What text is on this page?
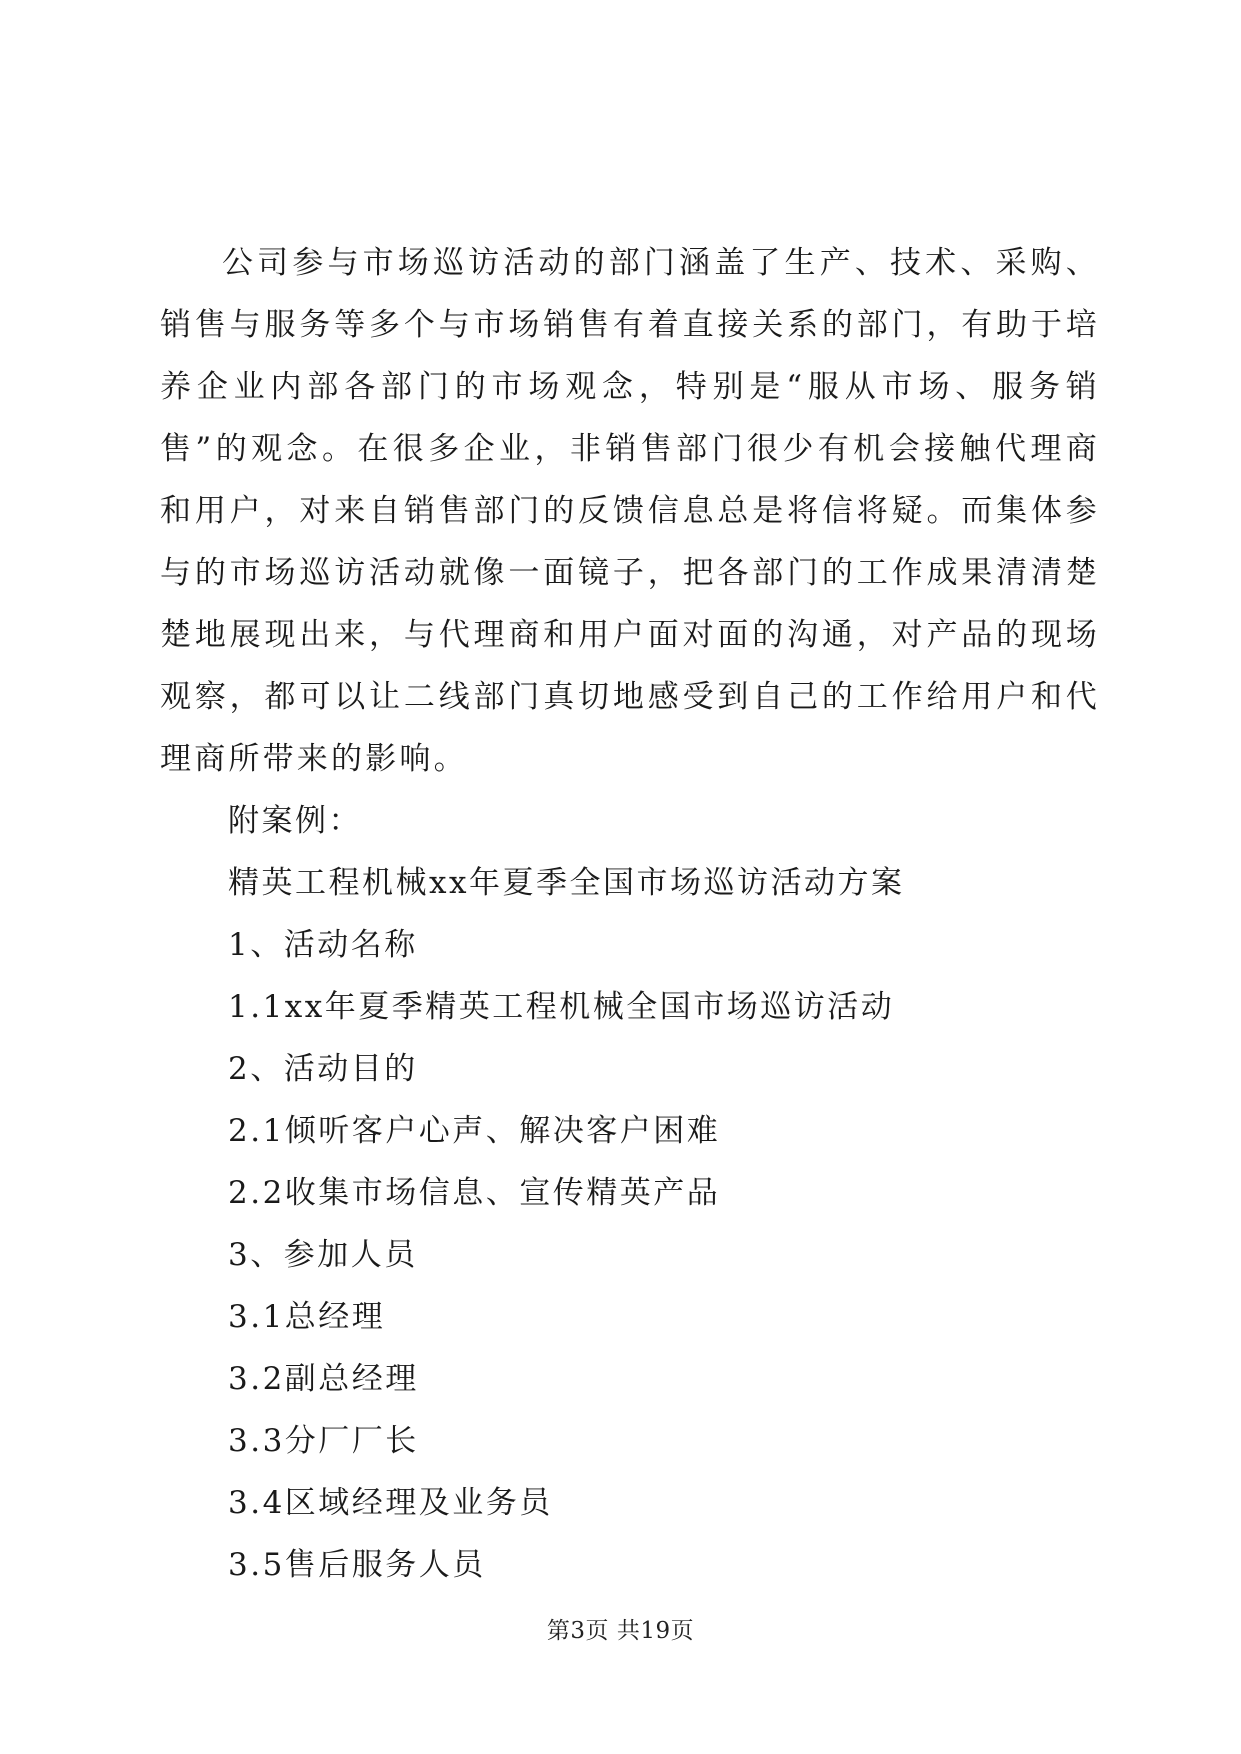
公司参与市场巡访活动的部门涵盖了生产、技术、采购、销售与服务等多个与市场销售有着直接关系的部门，有助于培养企业内部各部门的市场观念，特别是“服从市场、服务销售”的观念。在很多企业，非销售部门很少有机会接触代理商和用户，对来自销售部门的反馈信息总是将信将疑。而集体参与的市场巡访活动就像一面镜子，把各部门的工作成果清清楚楚地展现出来，与代理商和用户面对面的沟通，对产品的现场观察，都可以让二线部门真切地感受到自己的工作给用户和代理商所带来的影响。

附案例：

精英工程机械xx年夏季全国市场巡访活动方案

1、活动名称

1.1xx年夏季精英工程机械全国市场巡访活动

2、活动目的

2.1倾听客户心声、解决客户困难

2.2收集市场信息、宣传精英产品

3、参加人员

3.1总经理

3.2副总经理

3.3分厂厂长

3.4区域经理及业务员

3.5售后服务人员

第3页 共19页
